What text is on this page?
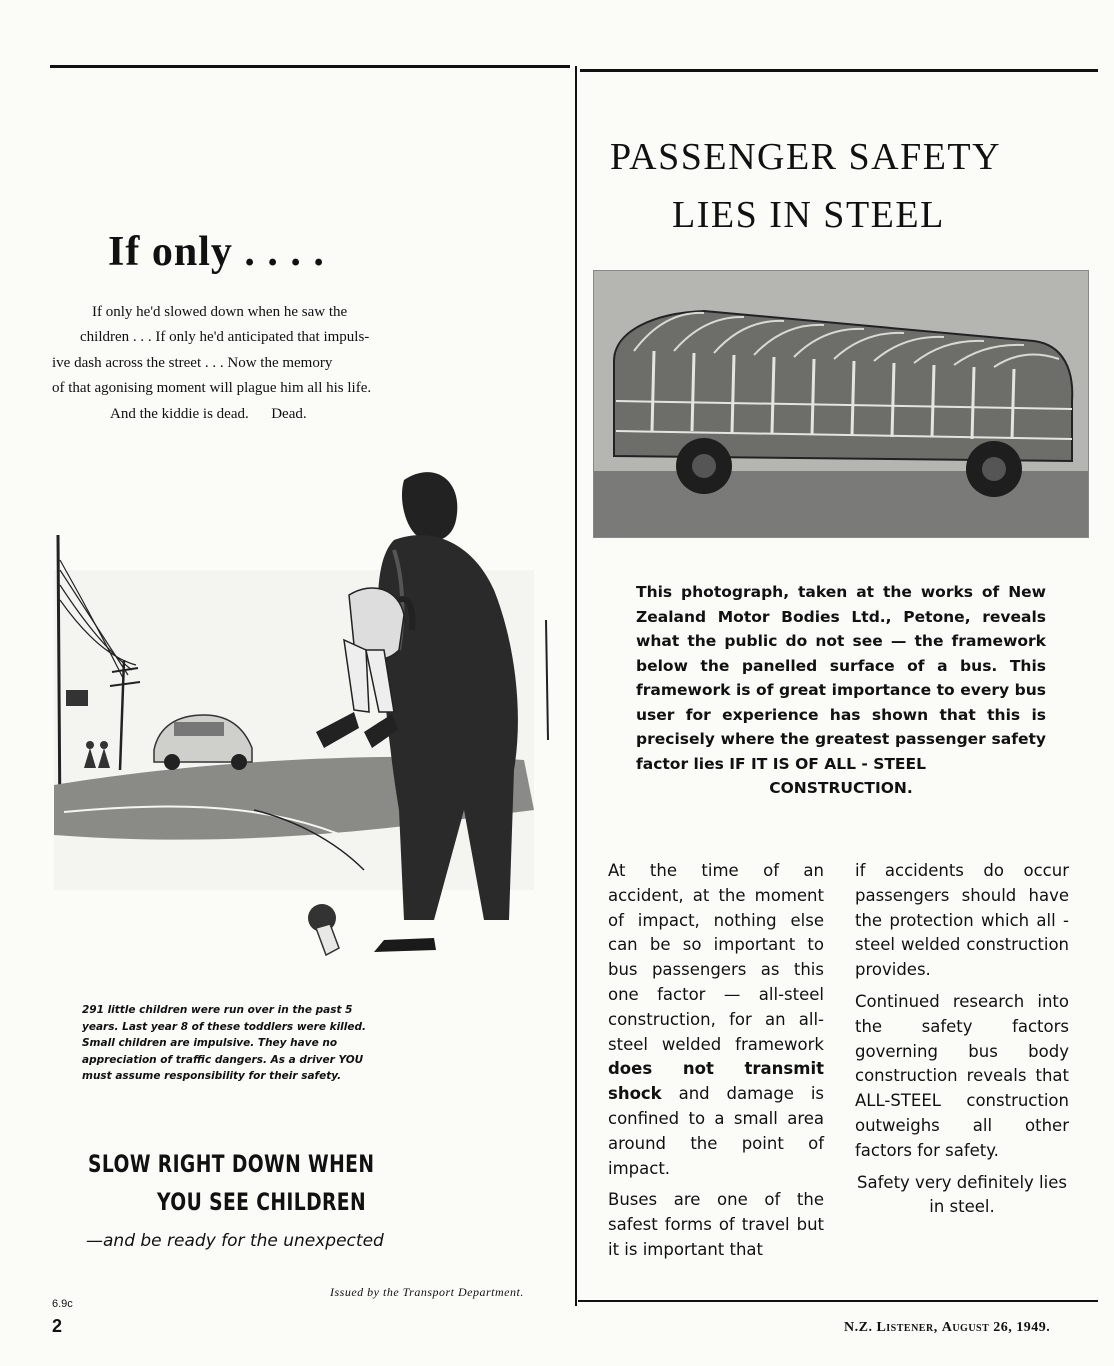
If only . . . .
If only he'd slowed down when he saw the
children . . . If only he'd anticipated that impuls-
ive dash across the street . . . Now the memory
of that agonising moment will plague him all his life.
And the kiddie is dead.      Dead.
291 little children were run over in the past 5 years. Last year 8 of these toddlers were killed. Small children are impulsive. They have no appreciation of traffic dangers. As a driver YOU must assume responsibility for their safety.
SLOW RIGHT DOWN WHEN
YOU SEE CHILDREN
—and be ready for the unexpected
Issued by the Transport Department.
6.9c
2
PASSENGER SAFETY
LIES IN STEEL
This photograph, taken at the works of New Zealand Motor Bodies Ltd., Petone, reveals what the public do not see — the framework below the panelled surface of a bus. This framework is of great importance to every bus user for experience has shown that this is precisely where the greatest passenger safety factor lies IF IT IS OF ALL - STEEL
CONSTRUCTION.

At the time of an accident, at the moment of impact, nothing else can be so important to bus passengers as this one factor — all-steel construction, for an all-steel welded framework does not transmit shock and damage is confined to a small area around the point of impact.

Buses are one of the safest forms of travel but it is important that

if accidents do occur passengers should have the protection which all - steel welded construction provides.

Continued research into the safety factors governing bus body construction reveals that ALL-STEEL construction outweighs all other factors for safety.

Safety very definitely lies in steel.

N.Z. Listener, August 26, 1949.
